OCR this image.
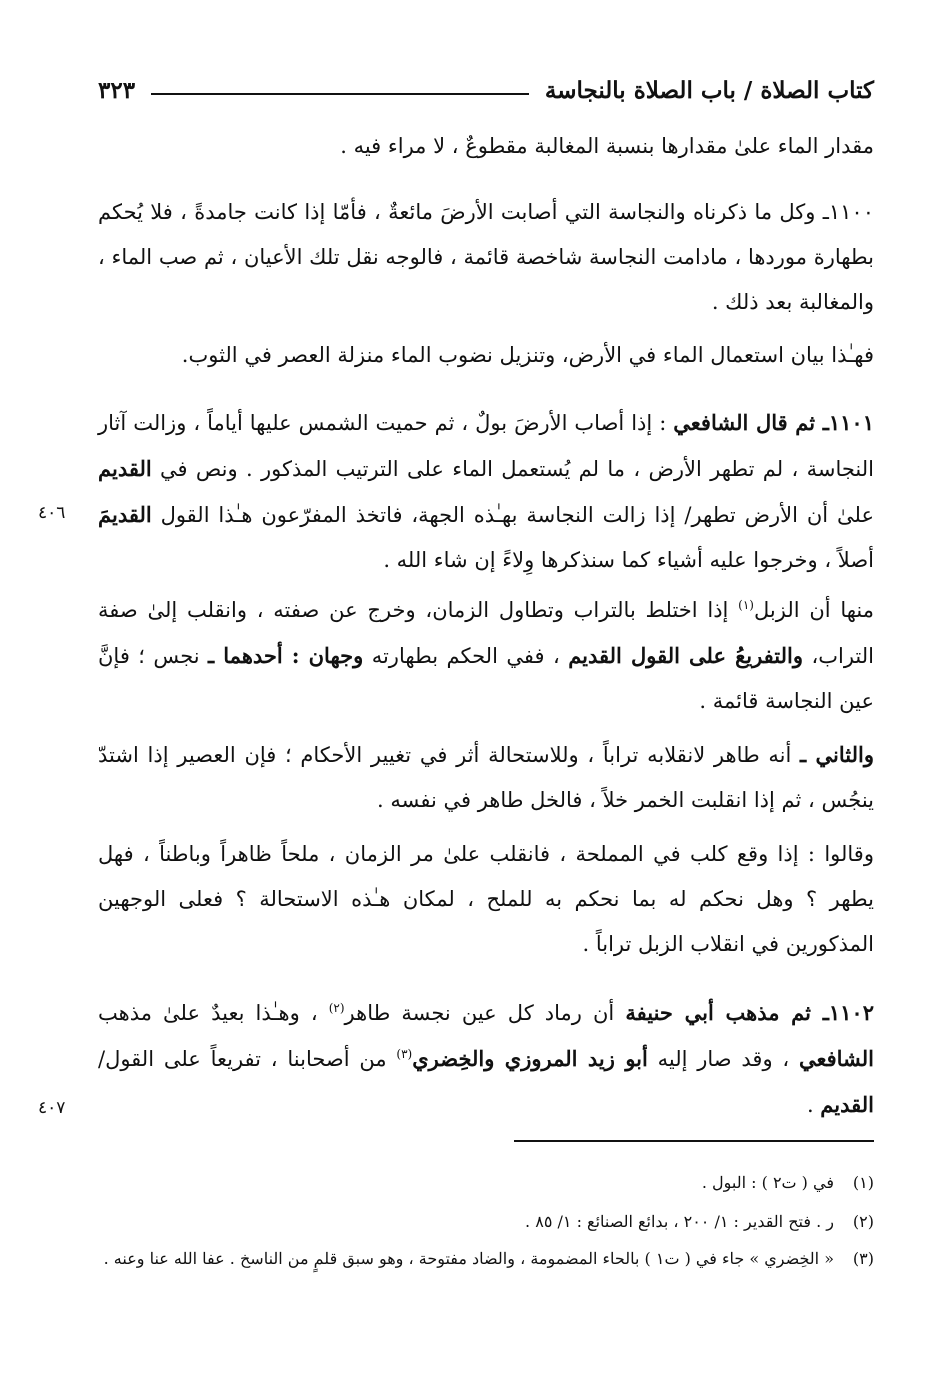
كتاب الصلاة / باب الصلاة بالنجاسة
٣٢٣

مقدار الماء علىٰ مقدارها بنسبة المغالبة مقطوعٌ ، لا مراء فيه .

١١٠٠ـ وكل ما ذكرناه والنجاسة التي أصابت الأرضَ مائعةٌ ، فأمّا إذا كانت جامدةً ، فلا يُحكم بطهارة موردها ، مادامت النجاسة شاخصة قائمة ، فالوجه نقل تلك الأعيان ، ثم صب الماء ، والمغالبة بعد ذلك .

فهـٰذا بيان استعمال الماء في الأرض، وتنزيل نضوب الماء منزلة العصر في الثوب.

١١٠١ـ ثم قال الشافعي : إذا أصاب الأرضَ بولٌ ، ثم حميت الشمس عليها أياماً ، وزالت آثار النجاسة ، لم تطهر الأرض ، ما لم يُستعمل الماء على الترتيب المذكور . ونص في القديم علىٰ أن الأرض تطهر/ إذا زالت النجاسة بهـٰذه الجهة، فاتخذ المفرّعون هـٰذا القول القديمَ أصلاً ، وخرجوا عليه أشياء كما سنذكرها وِلاءً إن شاء الله .

منها أن الزبل$^{(١)}$ إذا اختلط بالتراب وتطاول الزمان، وخرج عن صفته ، وانقلب إلىٰ صفة التراب، والتفريعُ على القول القديم ، ففي الحكم بطهارته وجهان : أحدهما ـ نجس ؛ فإنَّ عين النجاسة قائمة .

والثاني ـ أنه طاهر لانقلابه تراباً ، وللاستحالة أثر في تغيير الأحكام ؛ فإن العصير إذا اشتدّ ينجُس ، ثم إذا انقلبت الخمر خلاً ، فالخل طاهر في نفسه .

وقالوا : إذا وقع كلب في المملحة ، فانقلب علىٰ مر الزمان ، ملحاً ظاهراً وباطناً ، فهل يطهر ؟ وهل نحكم له بما نحكم به للملح ، لمكان هـٰذه الاستحالة ؟ فعلى الوجهين المذكورين في انقلاب الزبل تراباً .

١١٠٢ـ ثم مذهب أبي حنيفة أن رماد كل عين نجسة طاهر$^{(٢)}$ ، وهـٰذا بعيدٌ علىٰ مذهب الشافعي ، وقد صار إليه أبو زيد المروزي والخِضري$^{(٣)}$ من أصحابنا ، تفريعاً على القول/ القديم .

٤٠٦
٤٠٧
(١)
في ( ت٢ ) : البول .
(٢)
ر . فتح القدير : ١/ ٢٠٠ ، بدائع الصنائع : ١/ ٨٥ .
(٣)
« الخِضري » جاء في ( ت١ ) بالحاء المضمومة ، والضاد مفتوحة ، وهو سبق قلمٍ من الناسخ . عفا الله عنا وعنه .
